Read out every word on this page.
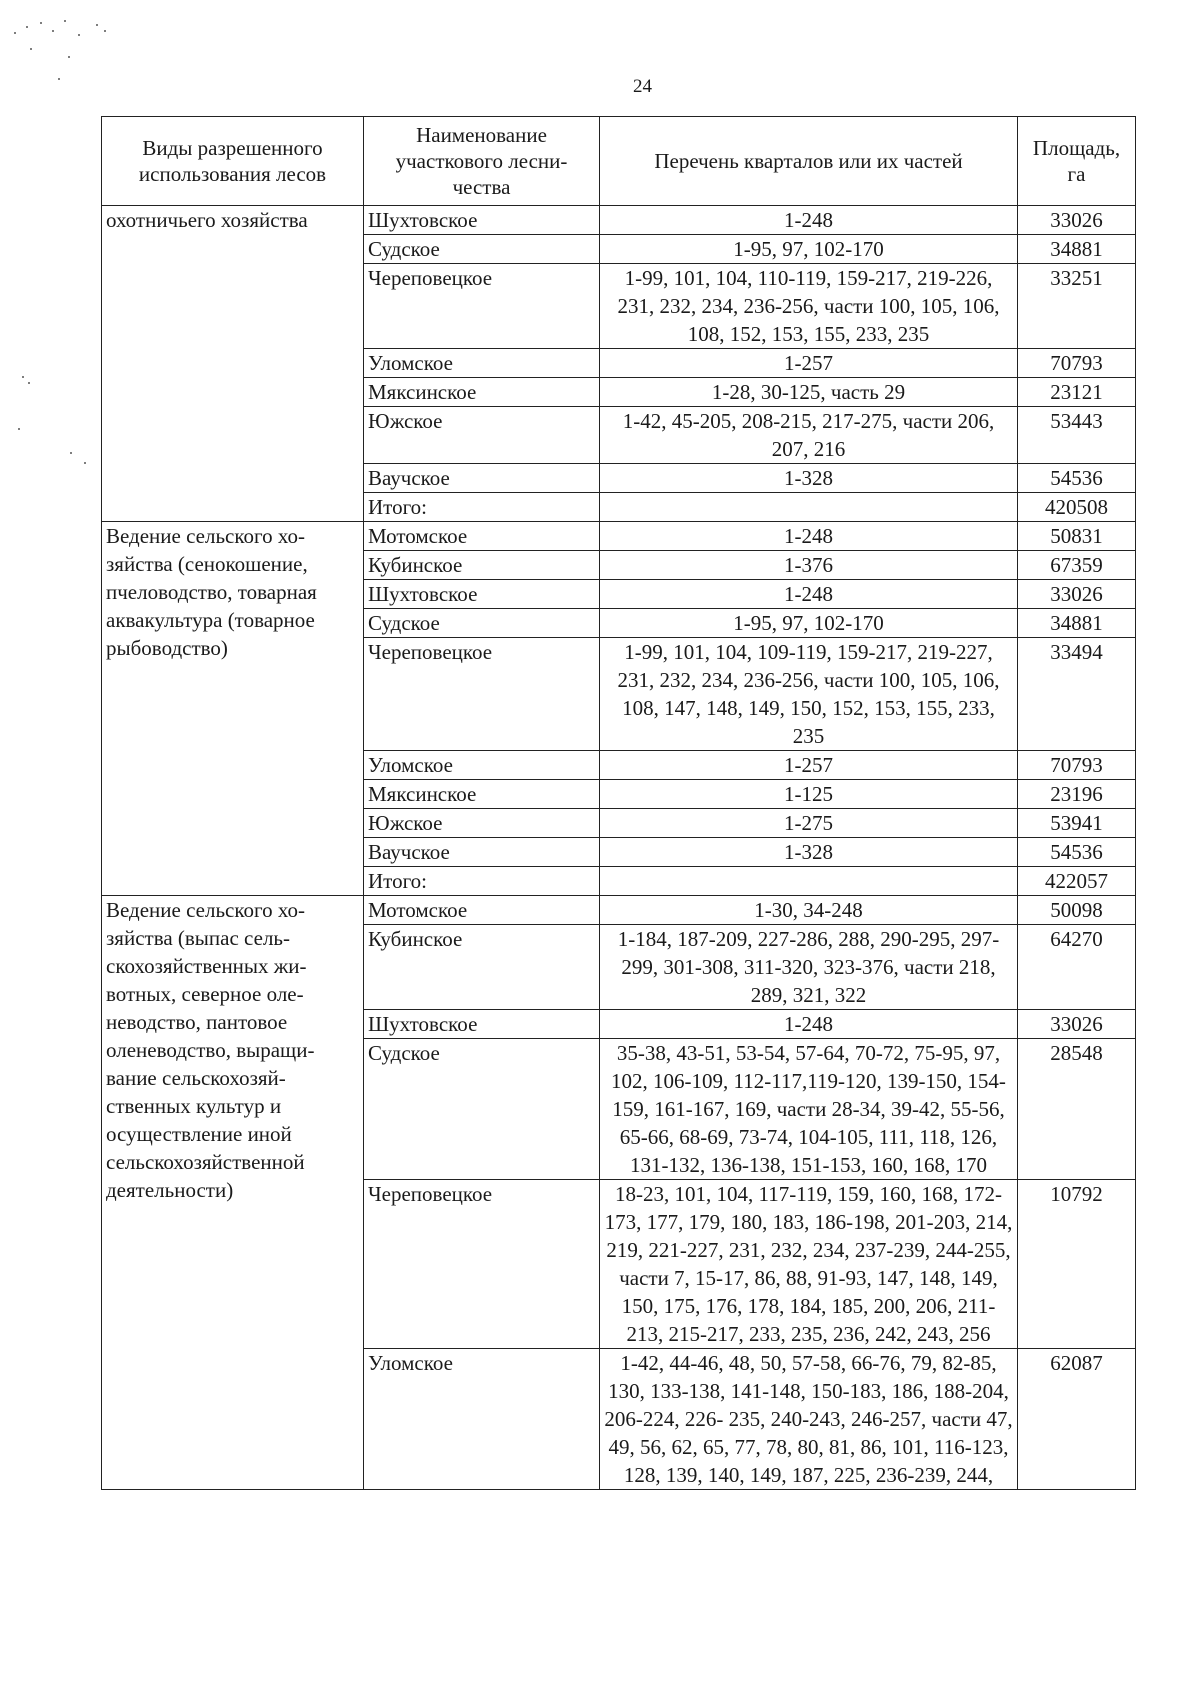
24
Виды разрешенного использования лесов	Наименование участкового лесни-чества	Перечень кварталов или их частей	Площадь, га
охотничьего хозяйства	Шухтовское	1-248	33026
	Судское	1-95, 97, 102-170	34881
	Череповецкое	1-99, 101, 104, 110-119, 159-217, 219-226, 231, 232, 234, 236-256, части 100, 105, 106, 108, 152, 153, 155, 233, 235	33251
	Уломское	1-257	70793
	Мяксинское	1-28, 30-125, часть 29	23121
	Южское	1-42, 45-205, 208-215, 217-275, части 206, 207, 216	53443
	Ваучское	1-328	54536
	Итого:		420508
Ведение сельского хо-зяйства (сенокошение, пчеловодство, товарная аквакультура (товарное рыбоводство)	Мотомское	1-248	50831
	Кубинское	1-376	67359
	Шухтовское	1-248	33026
	Судское	1-95, 97, 102-170	34881
	Череповецкое	1-99, 101, 104, 109-119, 159-217, 219-227, 231, 232, 234, 236-256, части 100, 105, 106, 108, 147, 148, 149, 150, 152, 153, 155, 233, 235	33494
	Уломское	1-257	70793
	Мяксинское	1-125	23196
	Южское	1-275	53941
	Ваучское	1-328	54536
	Итого:		422057
Ведение сельского хо-зяйства (выпас сель-скохозяйственных жи-вотных, северное оле-неводство, пантовое оленеводство, выращи-вание сельскохозяй-ственных культур и осуществление иной сельскохозяйственной деятельности)	Мотомское	1-30, 34-248	50098
	Кубинское	1-184, 187-209, 227-286, 288, 290-295, 297-299, 301-308, 311-320, 323-376, части 218, 289, 321, 322	64270
	Шухтовское	1-248	33026
	Судское	35-38, 43-51, 53-54, 57-64, 70-72, 75-95, 97, 102, 106-109, 112-117,119-120, 139-150, 154-159, 161-167, 169, части 28-34, 39-42, 55-56, 65-66, 68-69, 73-74, 104-105, 111, 118, 126, 131-132, 136-138, 151-153, 160, 168, 170	28548
	Череповецкое	18-23, 101, 104, 117-119, 159, 160, 168, 172-173, 177, 179, 180, 183, 186-198, 201-203, 214, 219, 221-227, 231, 232, 234, 237-239, 244-255, части 7, 15-17, 86, 88, 91-93, 147, 148, 149, 150, 175, 176, 178, 184, 185, 200, 206, 211-213, 215-217, 233, 235, 236, 242, 243, 256	10792
	Уломское	1-42, 44-46, 48, 50, 57-58, 66-76, 79, 82-85, 130, 133-138, 141-148, 150-183, 186, 188-204, 206-224, 226- 235, 240-243, 246-257, части 47, 49, 56, 62, 65, 77, 78, 80, 81, 86, 101, 116-123, 128, 139, 140, 149, 187, 225, 236-239, 244,	62087
